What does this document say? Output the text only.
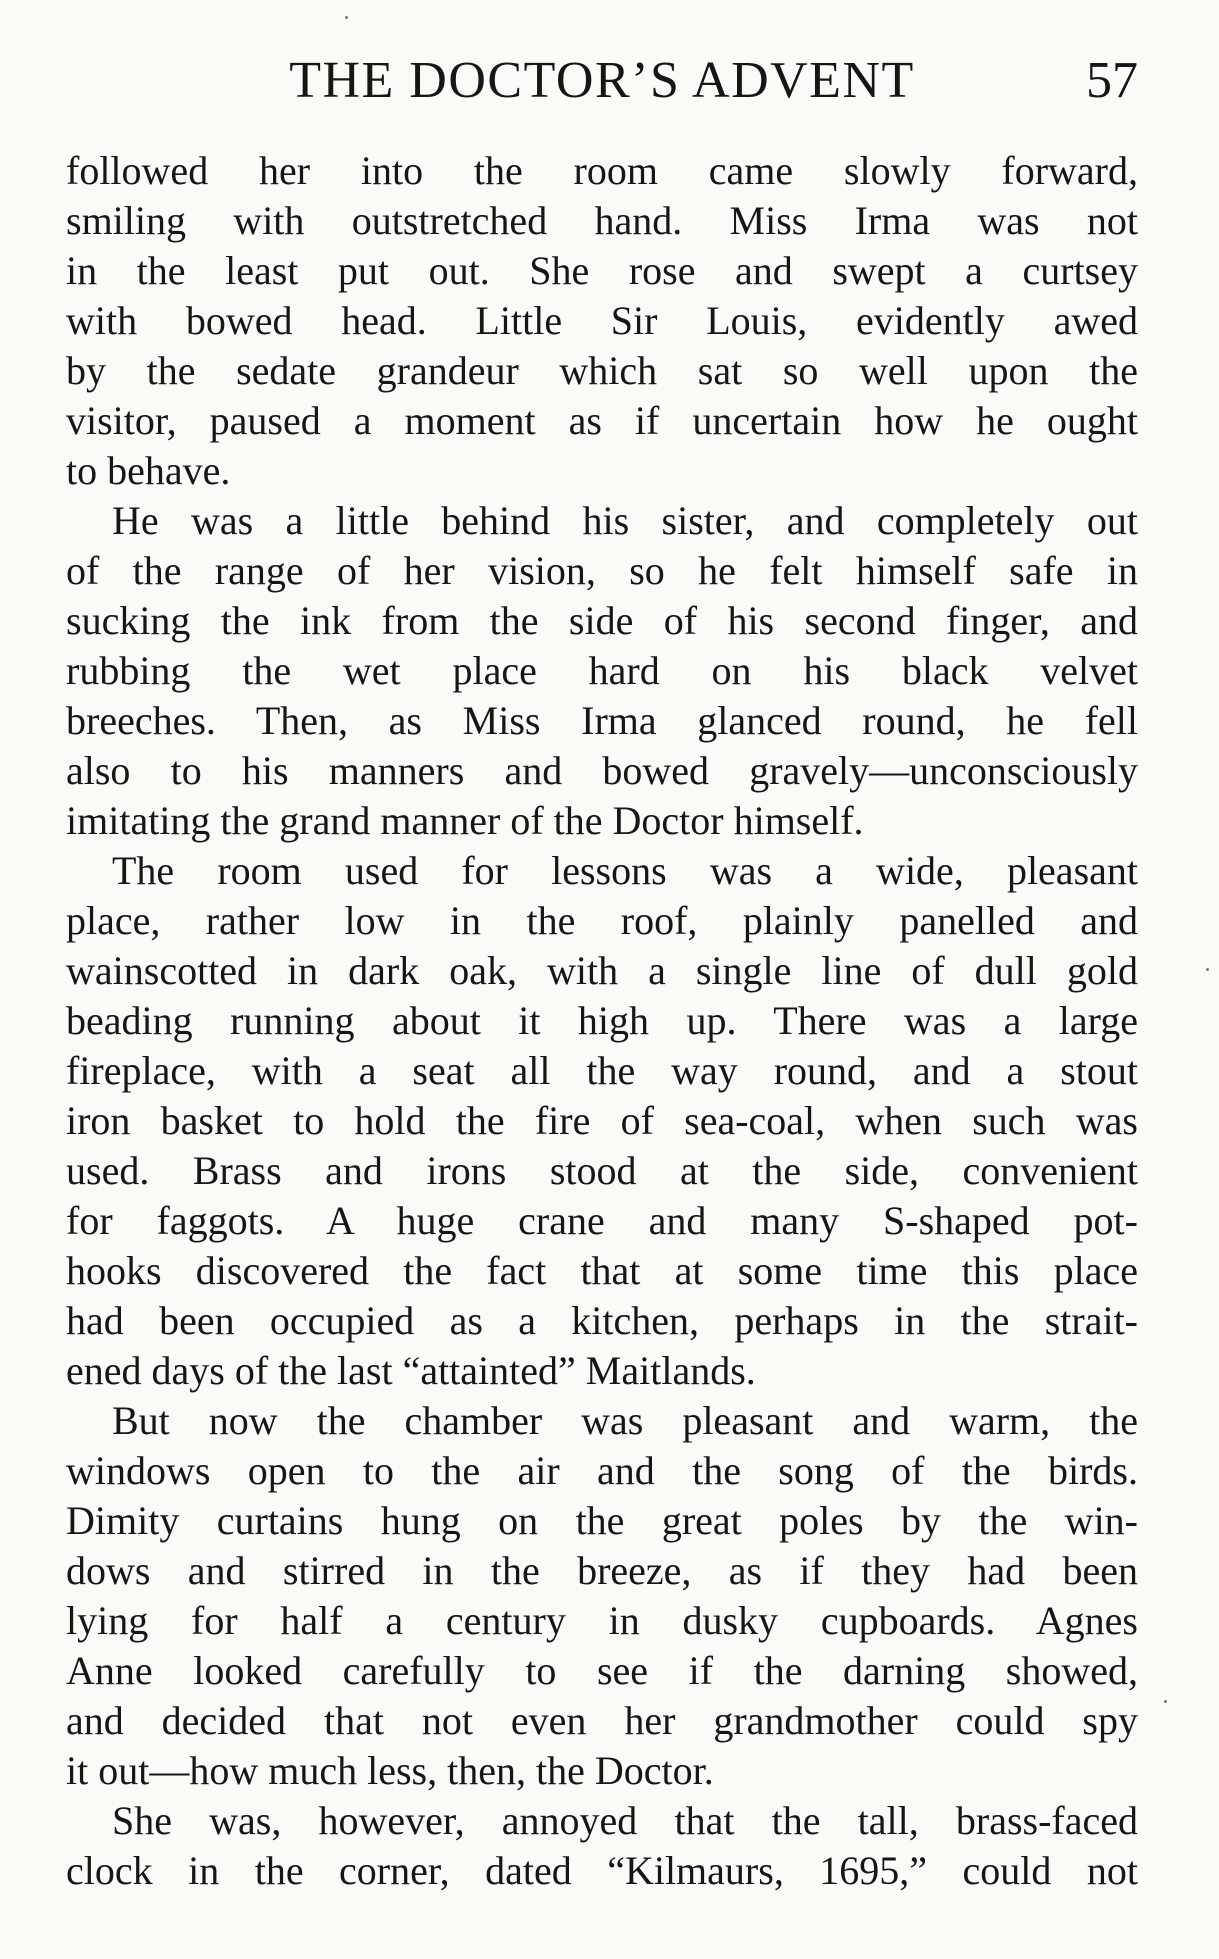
THE DOCTOR’S ADVENT	57
followed her into the room came slowly forward,
smiling with outstretched hand. Miss Irma was not
in the least put out. She rose and swept a curtsey
with bowed head. Little Sir Louis, evidently awed
by the sedate grandeur which sat so well upon the
visitor, paused a moment as if uncertain how he ought
to behave.
He was a little behind his sister, and completely out
of the range of her vision, so he felt himself safe in
sucking the ink from the side of his second finger, and
rubbing the wet place hard on his black velvet
breeches. Then, as Miss Irma glanced round, he fell
also to his manners and bowed gravely—unconsciously
imitating the grand manner of the Doctor himself.
The room used for lessons was a wide, pleasant
place, rather low in the roof, plainly panelled and
wainscotted in dark oak, with a single line of dull gold
beading running about it high up. There was a large
fireplace, with a seat all the way round, and a stout
iron basket to hold the fire of sea-coal, when such was
used. Brass and irons stood at the side, convenient
for faggots. A huge crane and many S-shaped pot-
hooks discovered the fact that at some time this place
had been occupied as a kitchen, perhaps in the strait-
ened days of the last “attainted” Maitlands.
But now the chamber was pleasant and warm, the
windows open to the air and the song of the birds.
Dimity curtains hung on the great poles by the win-
dows and stirred in the breeze, as if they had been
lying for half a century in dusky cupboards. Agnes
Anne looked carefully to see if the darning showed,
and decided that not even her grandmother could spy
it out—how much less, then, the Doctor.
She was, however, annoyed that the tall, brass-faced
clock in the corner, dated “Kilmaurs, 1695,” could not
